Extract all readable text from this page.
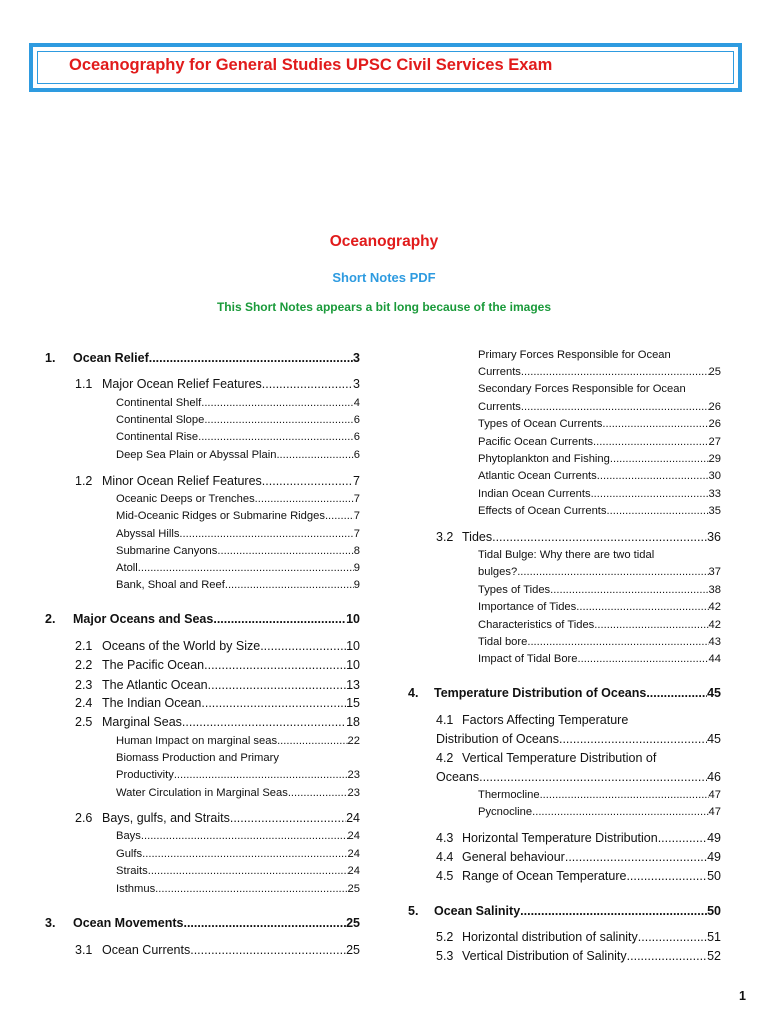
Oceanography for General Studies UPSC Civil Services Exam
Oceanography
Short Notes PDF
This Short Notes appears a bit long because of the images
1.	Ocean Relief .....	3
1.1 Major Ocean Relief Features .....	3
Continental Shelf .....	4
Continental Slope .....	6
Continental Rise .....	6
Deep Sea Plain or Abyssal Plain .....	6
1.2 Minor Ocean Relief Features .....	7
Oceanic Deeps or Trenches .....	7
Mid-Oceanic Ridges or Submarine Ridges .....	7
Abyssal Hills .....	7
Submarine Canyons .....	8
Atoll .....	9
Bank, Shoal and Reef .....	9
2.	Major Oceans and Seas .....	10
2.1 Oceans of the World by Size .....	10
2.2 The Pacific Ocean .....	10
2.3 The Atlantic Ocean .....	13
2.4 The Indian Ocean .....	15
2.5 Marginal Seas .....	18
Human Impact on marginal seas .....	22
Biomass Production and Primary
Productivity .....	23
Water Circulation in Marginal Seas .....	23
2.6 Bays, gulfs, and Straits .....	24
Bays .....	24
Gulfs .....	24
Straits .....	24
Isthmus .....	25
3.	Ocean Movements .....	25
3.1 Ocean Currents .....	25
Primary Forces Responsible for Ocean
Currents .....	25
Secondary Forces Responsible for Ocean
Currents .....	26
Types of Ocean Currents .....	26
Pacific Ocean Currents .....	27
Phytoplankton and Fishing .....	29
Atlantic Ocean Currents .....	30
Indian Ocean Currents .....	33
Effects of Ocean Currents .....	35
3.2 Tides .....	36
Tidal Bulge: Why there are two tidal
bulges? .....	37
Types of Tides .....	38
Importance of Tides .....	42
Characteristics of Tides .....	42
Tidal bore .....	43
Impact of Tidal Bore .....	44
4.	Temperature Distribution of Oceans .....	45
4.1 Factors Affecting Temperature
Distribution of Oceans .....	45
4.2 Vertical Temperature Distribution of
Oceans .....	46
Thermocline .....	47
Pycnocline .....	47
4.3 Horizontal Temperature Distribution .....	49
4.4 General behaviour .....	49
4.5 Range of Ocean Temperature .....	50
5.	Ocean Salinity .....	50
5.2 Horizontal distribution of salinity .....	51
5.3 Vertical Distribution of Salinity .....	52
1
